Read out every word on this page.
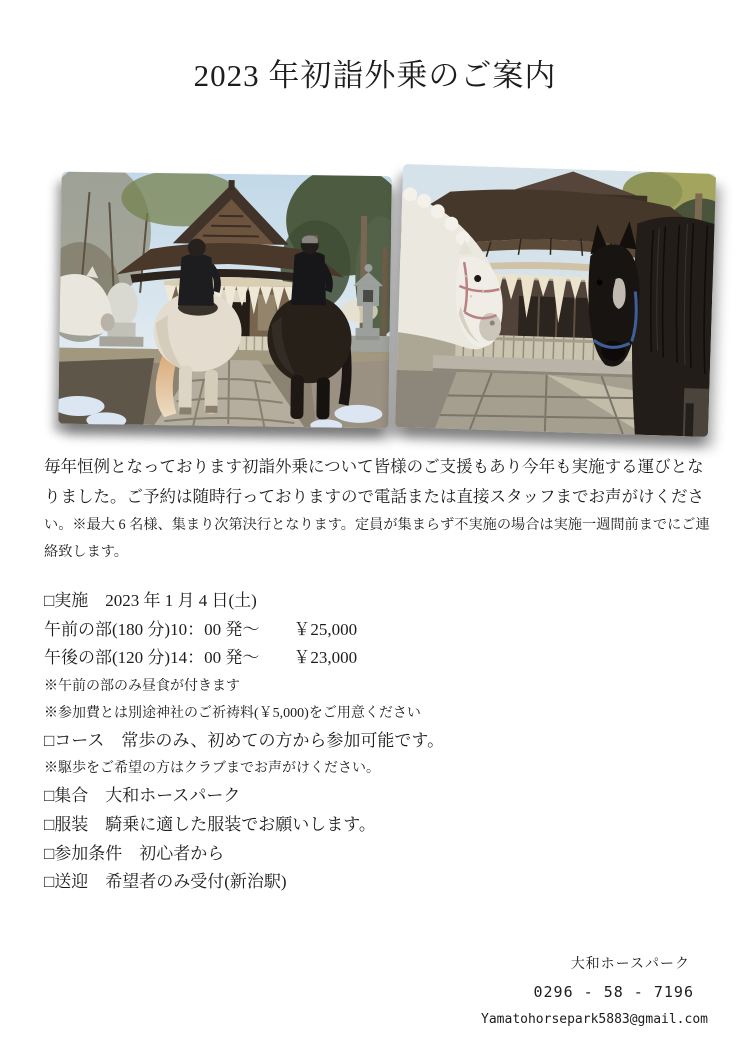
2023 年初詣外乗のご案内
毎年恒例となっております初詣外乗について皆様のご支援もあり今年も実施する運びとな
りました。ご予約は随時行っておりますので電話または直接スタッフまでお声がけくださ
い。※最大 6 名様、集まり次第決行となります。定員が集まらず不実施の場合は実施一週間前までにご連
絡致します。
□実施　2023 年 1 月 4 日(土)
午前の部(180 分)10：00 発～　　￥25,000
午後の部(120 分)14：00 発～　　￥23,000
※午前の部のみ昼食が付きます
※参加費とは別途神社のご祈祷料(￥5,000)をご用意ください
□コース　常歩のみ、初めての方から参加可能です。
※駆歩をご希望の方はクラブまでお声がけください。
□集合　大和ホースパーク
□服装　騎乗に適した服装でお願いします。
□参加条件　初心者から
□送迎　希望者のみ受付(新治駅)
大和ホースパーク
0296 - 58 - 7196
Yamatohorsepark5883@gmail.com
